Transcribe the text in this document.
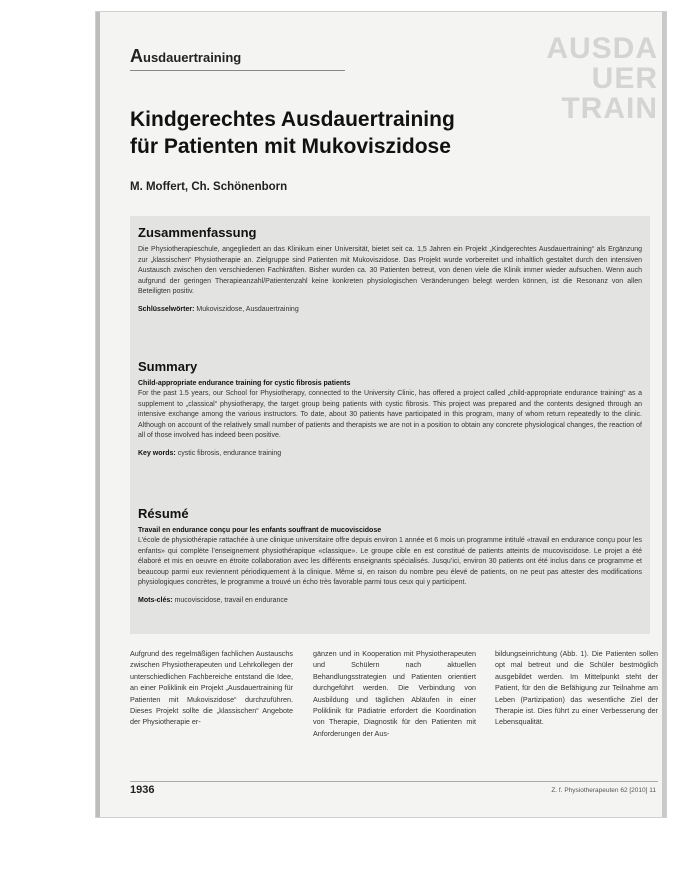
AUSDA
UER
TRAIN
Ausdauertraining
Kindgerechtes Ausdauertraining
für Patienten mit Mukoviszidose
M. Moffert, Ch. Schönenborn
Zusammenfassung

Die Physiotherapieschule, angegliedert an das Klinikum einer Universität, bietet seit ca. 1,5 Jahren ein Projekt „Kindgerechtes Ausdauertraining“ als Ergänzung zur „klassischen“ Physiotherapie an. Zielgruppe sind Patienten mit Mukoviszidose. Das Projekt wurde vorbereitet und inhaltlich gestaltet durch den intensiven Austausch zwischen den verschiedenen Fachkräften. Bisher wurden ca. 30 Patienten betreut, von denen viele die Klinik immer wieder aufsuchen. Wenn auch aufgrund der geringen Therapieanzahl/Patientenzahl keine konkreten physiologischen Veränderungen belegt werden können, ist die Resonanz von allen Beteiligten positiv.

Schlüsselwörter: Mukoviszidose, Ausdauertraining
Summary
Child-appropriate endurance training for cystic fibrosis patients

For the past 1.5 years, our School for Physiotherapy, connected to the University Clinic, has offered a project called „child-appropriate endurance training“ as a supplement to „classical“ physiotherapy, the target group being patients with cystic fibrosis. This project was prepared and the contents designed through an intensive exchange among the various instructors. To date, about 30 patients have participated in this program, many of whom return repeatedly to the clinic. Although on account of the relatively small number of patients and therapists we are not in a position to obtain any concrete physiological changes, the reaction of all of those involved has indeed been positive.

Key words: cystic fibrosis, endurance training
Résumé
Travail en endurance conçu pour les enfants souffrant de mucoviscidose

L’école de physiothérapie rattachée à une clinique universitaire offre depuis environ 1 année et 6 mois un programme intitulé «travail en endurance conçu pour les enfants» qui complète l’enseignement physiothérapique «classique». Le groupe cible en est constitué de patients atteints de mucoviscidose. Le projet a été élaboré et mis en oeuvre en étroite collaboration avec les différents enseignants spécialisés. Jusqu’ici, environ 30 patients ont été inclus dans ce programme et beaucoup parmi eux reviennent périodiquement à la clinique. Même si, en raison du nombre peu élevé de patients, on ne peut pas attester des modifications physiologiques concrètes, le programme a trouvé un écho très favorable parmi tous ceux qui y participent.

Mots-clés: mucoviscidose, travail en endurance
Aufgrund des regelmäßigen fachlichen Austauschs zwischen Physiotherapeuten und Lehrkollegen der unterschiedlichen Fachbereiche entstand die Idee, an einer Poliklinik ein Projekt „Ausdauertraining für Patienten mit Mukoviszidose“ durchzuführen. Dieses Projekt sollte die „klassischen“ Angebote der Physiotherapie er-
gänzen und in Kooperation mit Physiotherapeuten und Schülern nach aktuellen Behandlungsstrategien und Patienten orientiert durchgeführt werden. Die Verbindung von Ausbildung und täglichen Abläufen in einer Poliklinik für Pädiatrie erfordert die Koordination von Therapie, Diagnostik für den Patienten mit Anforderungen der Aus-
bildungseinrichtung (Abb. 1). Die Patienten sollen opt mal betreut und die Schüler bestmöglich ausgebildet werden. Im Mittelpunkt steht der Patient, für den die Befähigung zur Teilnahme am Leben (Partizipation) das wesentliche Ziel der Therapie ist. Dies führt zu einer Verbesserung der Lebensqualität.
1936	Z. f. Physiotherapeuten 62 [2010] 11
